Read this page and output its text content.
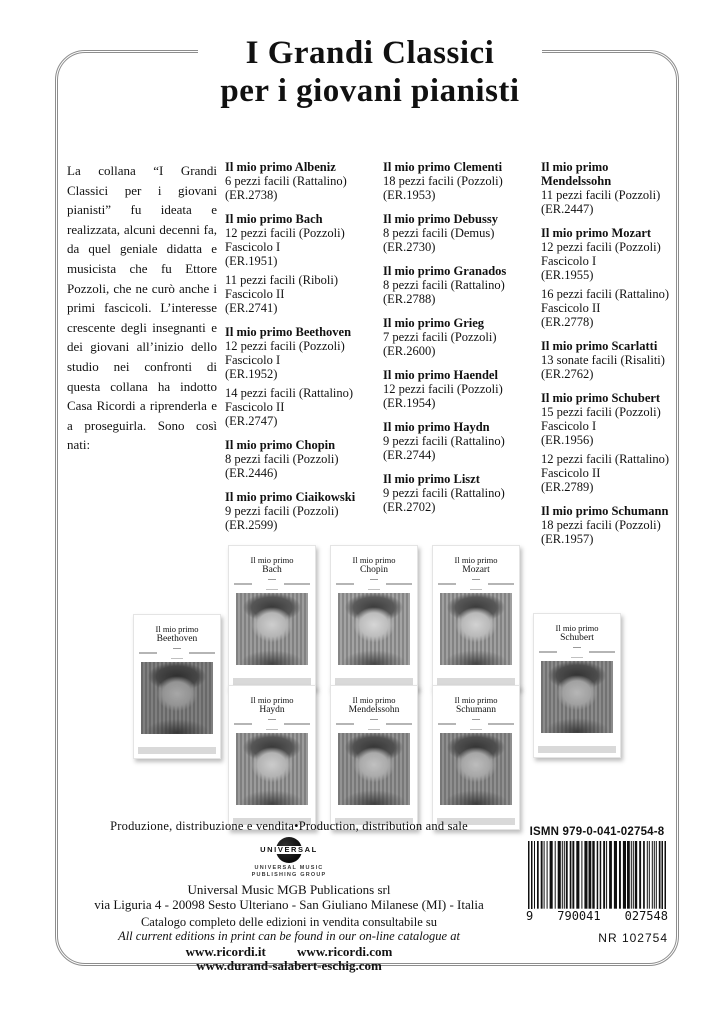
I Grandi Classici
per i giovani pianisti
La collana “I Grandi Classici per i giovani pianisti” fu ideata e realizzata, alcuni decenni fa, da quel geniale didatta e musicista che fu Ettore Pozzoli, che ne curò anche i primi fascicoli. L’interesse crescente degli insegnanti e dei giovani all’inizio dello studio nei confronti di questa collana ha indotto Casa Ricordi a riprenderla e a proseguirla. Sono così nati:
Il mio primo Albeniz
6 pezzi facili (Rattalino)
(ER.2738)
Il mio primo Bach
12 pezzi facili (Pozzoli)
Fascicolo I
(ER.1951)
11 pezzi facili (Riboli)
Fascicolo II
(ER.2741)
Il mio primo Beethoven
12 pezzi facili (Pozzoli)
Fascicolo I
(ER.1952)
14 pezzi facili (Rattalino)
Fascicolo II
(ER.2747)
Il mio primo Chopin
8 pezzi facili (Pozzoli)
(ER.2446)
Il mio primo Ciaikowski
9 pezzi facili (Pozzoli)
(ER.2599)
Il mio primo Clementi
18 pezzi facili (Pozzoli)
(ER.1953)
Il mio primo Debussy
8 pezzi facili (Demus)
(ER.2730)
Il mio primo Granados
8 pezzi facili (Rattalino)
(ER.2788)
Il mio primo Grieg
7 pezzi facili (Pozzoli)
(ER.2600)
Il mio primo Haendel
12 pezzi facili (Pozzoli)
(ER.1954)
Il mio primo Haydn
9 pezzi facili (Rattalino)
(ER.2744)
Il mio primo Liszt
9 pezzi facili (Rattalino)
(ER.2702)
Il mio primo Mendelssohn
11 pezzi facili (Pozzoli)
(ER.2447)
Il mio primo Mozart
12 pezzi facili (Pozzoli)
Fascicolo I
(ER.1955)
16 pezzi facili (Rattalino)
Fascicolo II
(ER.2778)
Il mio primo Scarlatti
13 sonate facili (Risaliti)
(ER.2762)
Il mio primo Schubert
15 pezzi facili (Pozzoli)
Fascicolo I
(ER.1956)
12 pezzi facili (Rattalino)
Fascicolo II
(ER.2789)
Il mio primo Schumann
18 pezzi facili (Pozzoli)
(ER.1957)
Il mio primo
Beethoven
Il mio primo
Bach
Il mio primo
Chopin
Il mio primo
Mozart
Il mio primo
Schubert
Il mio primo
Haydn
Il mio primo
Mendelssohn
Il mio primo
Schumann
Produzione, distribuzione e vendita•Production, distribution and sale
UNIVERSAL
UNIVERSAL MUSIC
PUBLISHING GROUP
Universal Music MGB Publications srl
via Liguria 4 - 20098 Sesto Ulteriano - San Giuliano Milanese (MI) - Italia
Catalogo completo delle edizioni in vendita consultabile su
All current editions in print can be found in our on-line catalogue at
www.ricordi.it www.ricordi.com
www.durand-salabert-eschig.com
ISMN 979-0-041-02754-8
9 790041 027548
NR 102754
